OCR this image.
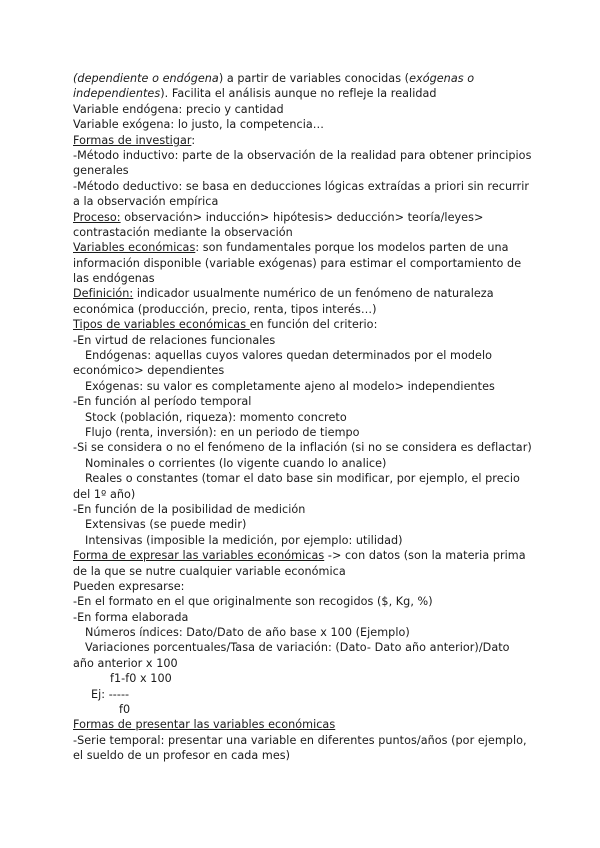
(dependiente o endógena) a partir de variables conocidas (exógenas o
independientes). Facilita el análisis aunque no refleje la realidad
Variable endógena: precio y cantidad
Variable exógena: lo justo, la competencia…
Formas de investigar:
-Método inductivo: parte de la observación de la realidad para obtener principios
generales
-Método deductivo: se basa en deducciones lógicas extraídas a priori sin recurrir
a la observación empírica
Proceso: observación> inducción> hipótesis> deducción> teoría/leyes>
contrastación mediante la observación
Variables económicas: son fundamentales porque los modelos parten de una
información disponible (variable exógenas) para estimar el comportamiento de
las endógenas
Definición: indicador usualmente numérico de un fenómeno de naturaleza
económica (producción, precio, renta, tipos interés…)
Tipos de variables económicas en función del criterio:
-En virtud de relaciones funcionales
Endógenas: aquellas cuyos valores quedan determinados por el modelo
económico> dependientes
Exógenas: su valor es completamente ajeno al modelo> independientes
-En función al período temporal
Stock (población, riqueza): momento concreto
Flujo (renta, inversión): en un periodo de tiempo
-Si se considera o no el fenómeno de la inflación (si no se considera es deflactar)
Nominales o corrientes (lo vigente cuando lo analice)
Reales o constantes (tomar el dato base sin modificar, por ejemplo, el precio
del 1º año)
-En función de la posibilidad de medición
Extensivas (se puede medir)
Intensivas (imposible la medición, por ejemplo: utilidad)
Forma de expresar las variables económicas -> con datos (son la materia prima
de la que se nutre cualquier variable económica
Pueden expresarse:
-En el formato en el que originalmente son recogidos ($, Kg, %)
-En forma elaborada
Números índices: Dato/Dato de año base x 100 (Ejemplo)
Variaciones porcentuales/Tasa de variación: (Dato- Dato año anterior)/Dato
año anterior x 100
f1-f0 x 100
Ej: -----
f0
Formas de presentar las variables económicas
-Serie temporal: presentar una variable en diferentes puntos/años (por ejemplo,
el sueldo de un profesor en cada mes)
